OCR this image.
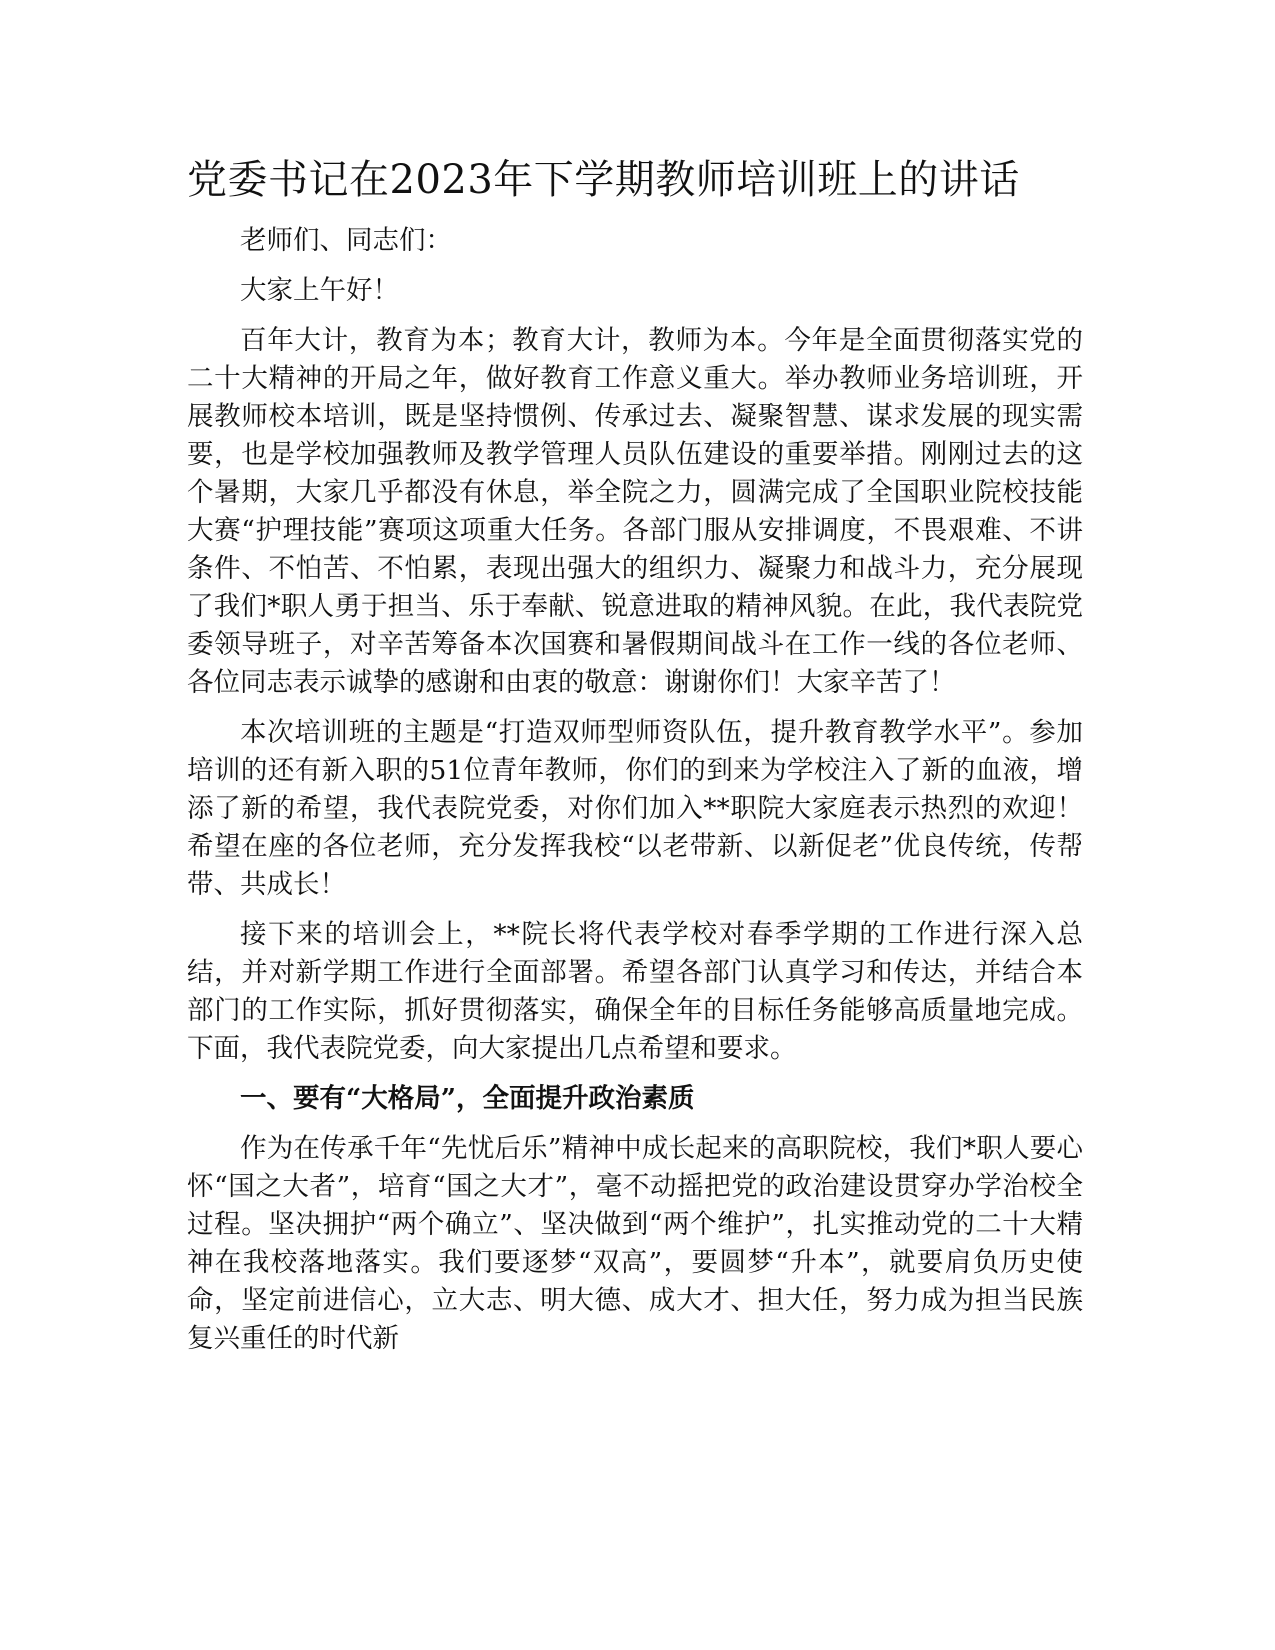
党委书记在2023年下学期教师培训班上的讲话

老师们、同志们：

大家上午好！

百年大计，教育为本；教育大计，教师为本。今年是全面贯彻落实党的二十大精神的开局之年，做好教育工作意义重大。举办教师业务培训班，开展教师校本培训，既是坚持惯例、传承过去、凝聚智慧、谋求发展的现实需要，也是学校加强教师及教学管理人员队伍建设的重要举措。刚刚过去的这个暑期，大家几乎都没有休息，举全院之力，圆满完成了全国职业院校技能大赛“护理技能”赛项这项重大任务。各部门服从安排调度，不畏艰难、不讲条件、不怕苦、不怕累，表现出强大的组织力、凝聚力和战斗力，充分展现了我们*职人勇于担当、乐于奉献、锐意进取的精神风貌。在此，我代表院党委领导班子，对辛苦筹备本次国赛和暑假期间战斗在工作一线的各位老师、各位同志表示诚挚的感谢和由衷的敬意：谢谢你们！大家辛苦了！

本次培训班的主题是“打造双师型师资队伍，提升教育教学水平”。参加培训的还有新入职的51位青年教师，你们的到来为学校注入了新的血液，增添了新的希望，我代表院党委，对你们加入**职院大家庭表示热烈的欢迎！希望在座的各位老师，充分发挥我校“以老带新、以新促老”优良传统，传帮带、共成长！

接下来的培训会上，**院长将代表学校对春季学期的工作进行深入总结，并对新学期工作进行全面部署。希望各部门认真学习和传达，并结合本部门的工作实际，抓好贯彻落实，确保全年的目标任务能够高质量地完成。下面，我代表院党委，向大家提出几点希望和要求。

一、要有“大格局”，全面提升政治素质

作为在传承千年“先忧后乐”精神中成长起来的高职院校，我们*职人要心怀“国之大者”，培育“国之大才”，毫不动摇把党的政治建设贯穿办学治校全过程。坚决拥护“两个确立”、坚决做到“两个维护”，扎实推动党的二十大精神在我校落地落实。我们要逐梦“双高”，要圆梦“升本”，就要肩负历史使命，坚定前进信心，立大志、明大德、成大才、担大任，努力成为担当民族复兴重任的时代新
